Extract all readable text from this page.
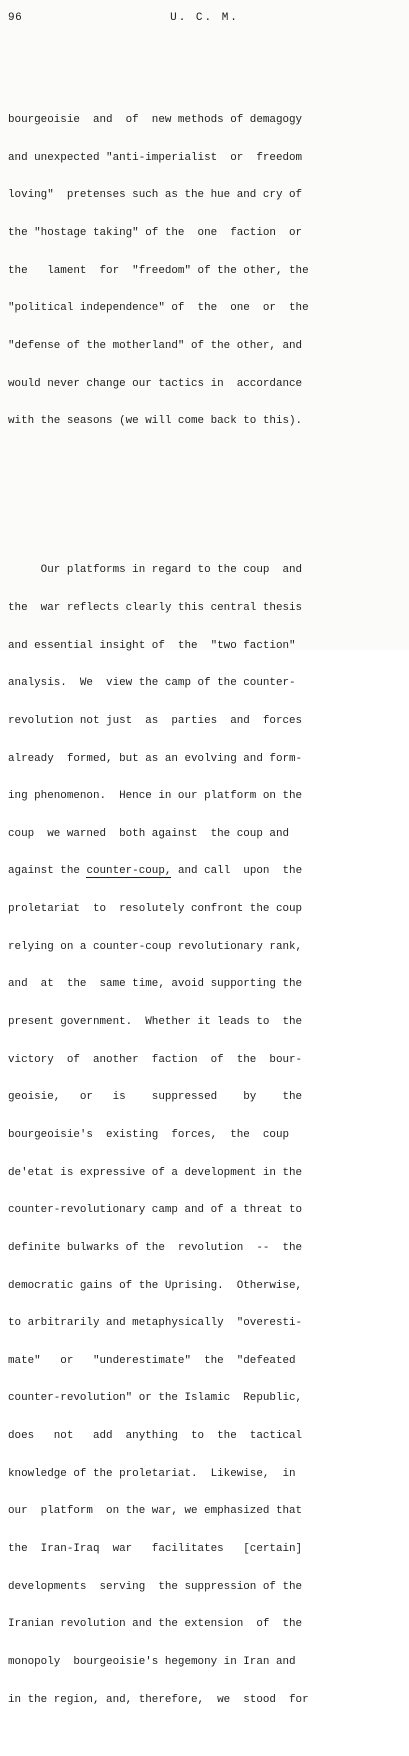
96	U. C. M.

bourgeoisie  and  of  new methods of demagogy

and unexpected "anti-imperialist  or  freedom

loving"  pretenses such as the hue and cry of

the "hostage taking" of the  one  faction  or

the   lament  for  "freedom" of the other, the

"political independence" of  the  one  or  the

"defense of the motherland" of the other, and

would never change our tactics in  accordance

with the seasons (we will come back to this).

Our platforms in regard to the coup  and

the  war reflects clearly this central thesis

and essential insight of  the  "two faction"

analysis.  We  view the camp of the counter-

revolution not just  as  parties  and  forces

already  formed, but as an evolving and form-

ing phenomenon.  Hence in our platform on the

coup  we warned  both against  the coup and

against the counter-coup, and call  upon  the

proletariat  to  resolutely confront the coup

relying on a counter-coup revolutionary rank,

and  at  the  same time, avoid supporting the

present government.  Whether it leads to  the

victory  of  another  faction  of  the  bour-

geoisie,   or   is    suppressed    by    the

bourgeoisie's  existing  forces,  the  coup

de'etat is expressive of a development in the

counter-revolutionary camp and of a threat to

definite bulwarks of the  revolution  --  the

democratic gains of the Uprising.  Otherwise,

to arbitrarily and metaphysically  "overesti-

mate"   or   "underestimate"  the  "defeated

counter-revolution" or the Islamic  Republic,

does   not   add  anything  to  the  tactical

knowledge of the proletariat.  Likewise,  in

our  platform  on the war, we emphasized that

the  Iran-Iraq  war   facilitates   [certain]

developments  serving  the suppression of the

Iranian revolution and the extension  of  the

monopoly  bourgeoisie's hegemony in Iran and

in the region, and, therefore,  we  stood  for
